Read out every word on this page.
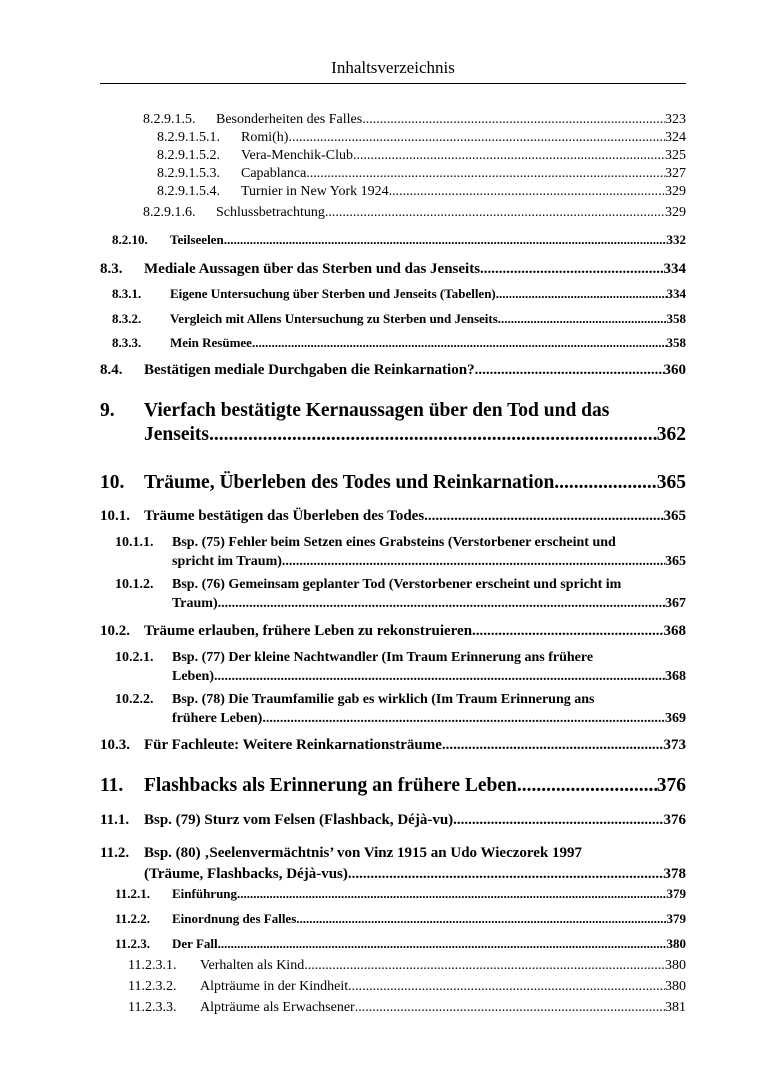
Inhaltsverzeichnis
8.2.9.1.5.	Besonderheiten des Falles .....	323
8.2.9.1.5.1.	Romi(h) .....	324
8.2.9.1.5.2.	Vera-Menchik-Club .....	325
8.2.9.1.5.3.	Capablanca .....	327
8.2.9.1.5.4.	Turnier in New York 1924 .....	329
8.2.9.1.6.	Schlussbetrachtung .....	329
8.2.10.	Teilseelen .....	332
8.3.	Mediale Aussagen über das Sterben und das Jenseits .....	334
8.3.1.	Eigene Untersuchung über Sterben und Jenseits (Tabellen) .....	334
8.3.2.	Vergleich mit Allens Untersuchung zu Sterben und Jenseits .....	358
8.3.3.	Mein Resümee .....	358
8.4.	Bestätigen mediale Durchgaben die Reinkarnation? .....	360
9.	Vierfach bestätigte Kernaussagen über den Tod und das
Jenseits .....	362
10.	Träume, Überleben des Todes und Reinkarnation .....	365
10.1. Träume bestätigen das Überleben des Todes .....	365
10.1.1.	Bsp. (75) Fehler beim Setzen eines Grabsteins (Verstorbener erscheint und
spricht im Traum) .....	365
10.1.2.	Bsp. (76) Gemeinsam geplanter Tod (Verstorbener erscheint und spricht im
Traum) .....	367
10.2. Träume erlauben, frühere Leben zu rekonstruieren .....	368
10.2.1.	Bsp. (77) Der kleine Nachtwandler (Im Traum Erinnerung ans frühere
Leben) .....	368
10.2.2.	Bsp. (78) Die Traumfamilie gab es wirklich (Im Traum Erinnerung ans
frühere Leben) .....	369
10.3. Für Fachleute: Weitere Reinkarnationsträume .....	373
11.	Flashbacks als Erinnerung an frühere Leben .....	376
11.1. Bsp. (79) Sturz vom Felsen (Flashback, Déjà-vu) .....	376
11.2. Bsp. (80) ‚Seelenvermächtnis’ von Vinz 1915 an Udo Wieczorek 1997
(Träume, Flashbacks, Déjà-vus) .....	378
11.2.1.	Einführung .....	379
11.2.2.	Einordnung des Falles .....	379
11.2.3.	Der Fall .....	380
11.2.3.1.	Verhalten als Kind .....	380
11.2.3.2.	Alpträume in der Kindheit .....	380
11.2.3.3.	Alpträume als Erwachsener .....	381
